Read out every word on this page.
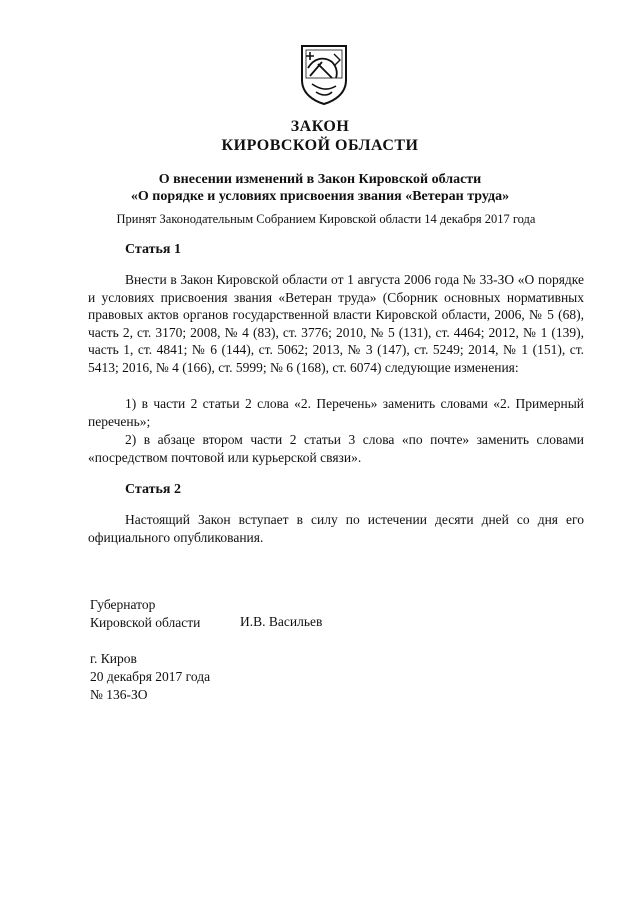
ЗАКОН
КИРОВСКОЙ ОБЛАСТИ
О внесении изменений в Закон Кировской области
«О порядке и условиях присвоения звания «Ветеран труда»
Принят Законодательным Собранием Кировской области 14 декабря 2017 года
Статья 1

Внести в Закон Кировской области от 1 августа 2006 года № 33-ЗО «О порядке и условиях присвоения звания «Ветеран труда» (Сборник основных нормативных правовых актов органов государственной власти Кировской области, 2006, № 5 (68), часть 2, ст. 3170; 2008, № 4 (83), ст. 3776; 2010, № 5 (131), ст. 4464; 2012, № 1 (139), часть 1, ст. 4841; № 6 (144), ст. 5062; 2013, № 3 (147), ст. 5249; 2014, № 1 (151), ст. 5413; 2016, № 4 (166), ст. 5999; № 6 (168), ст. 6074) следующие изменения:

1) в части 2 статьи 2 слова «2. Перечень» заменить словами «2. Примерный перечень»;

2) в абзаце втором части 2 статьи 3 слова «по почте» заменить словами «посредством почтовой или курьерской связи».

Статья 2

Настоящий Закон вступает в силу по истечении десяти дней со дня его официального опубликования.

Губернатор
Кировской области	И.В. Васильев
г. Киров
20 декабря 2017 года
№ 136-ЗО
